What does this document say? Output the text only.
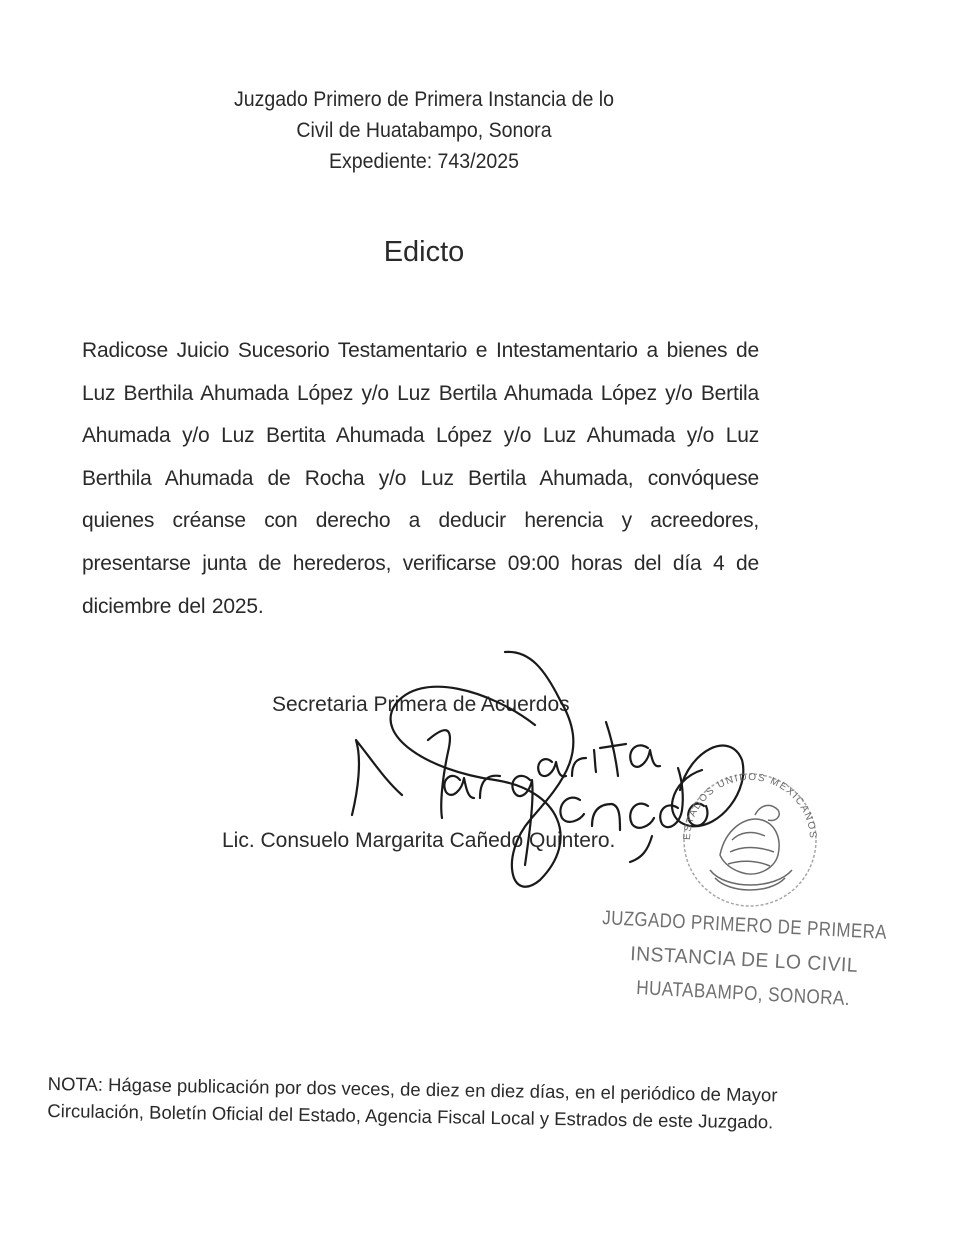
Juzgado Primero de Primera Instancia de lo
Civil de Huatabampo, Sonora
Expediente: 743/2025
Edicto
Radicose Juicio Sucesorio Testamentario e Intestamentario a bienes de Luz Berthila Ahumada López y/o Luz Bertila Ahumada López y/o Bertila Ahumada y/o Luz Bertita Ahumada López y/o Luz Ahumada y/o Luz Berthila Ahumada de Rocha y/o Luz Bertila Ahumada, convóquese quienes créanse con derecho a deducir herencia y acreedores, presentarse junta de herederos, verificarse 09:00 horas del día 4 de diciembre del 2025.
Secretaria Primera de Acuerdos
Lic. Consuelo Margarita Cañedo Quintero.	ESTADOS UNIDOS MEXICANOS
JUZGADO PRIMERO DE PRIMERA
INSTANCIA DE LO CIVIL
HUATABAMPO, SONORA.
NOTA: Hágase publicación por dos veces, de diez en diez días, en el periódico de Mayor
Circulación, Boletín Oficial del Estado, Agencia Fiscal Local y Estrados de este Juzgado.
